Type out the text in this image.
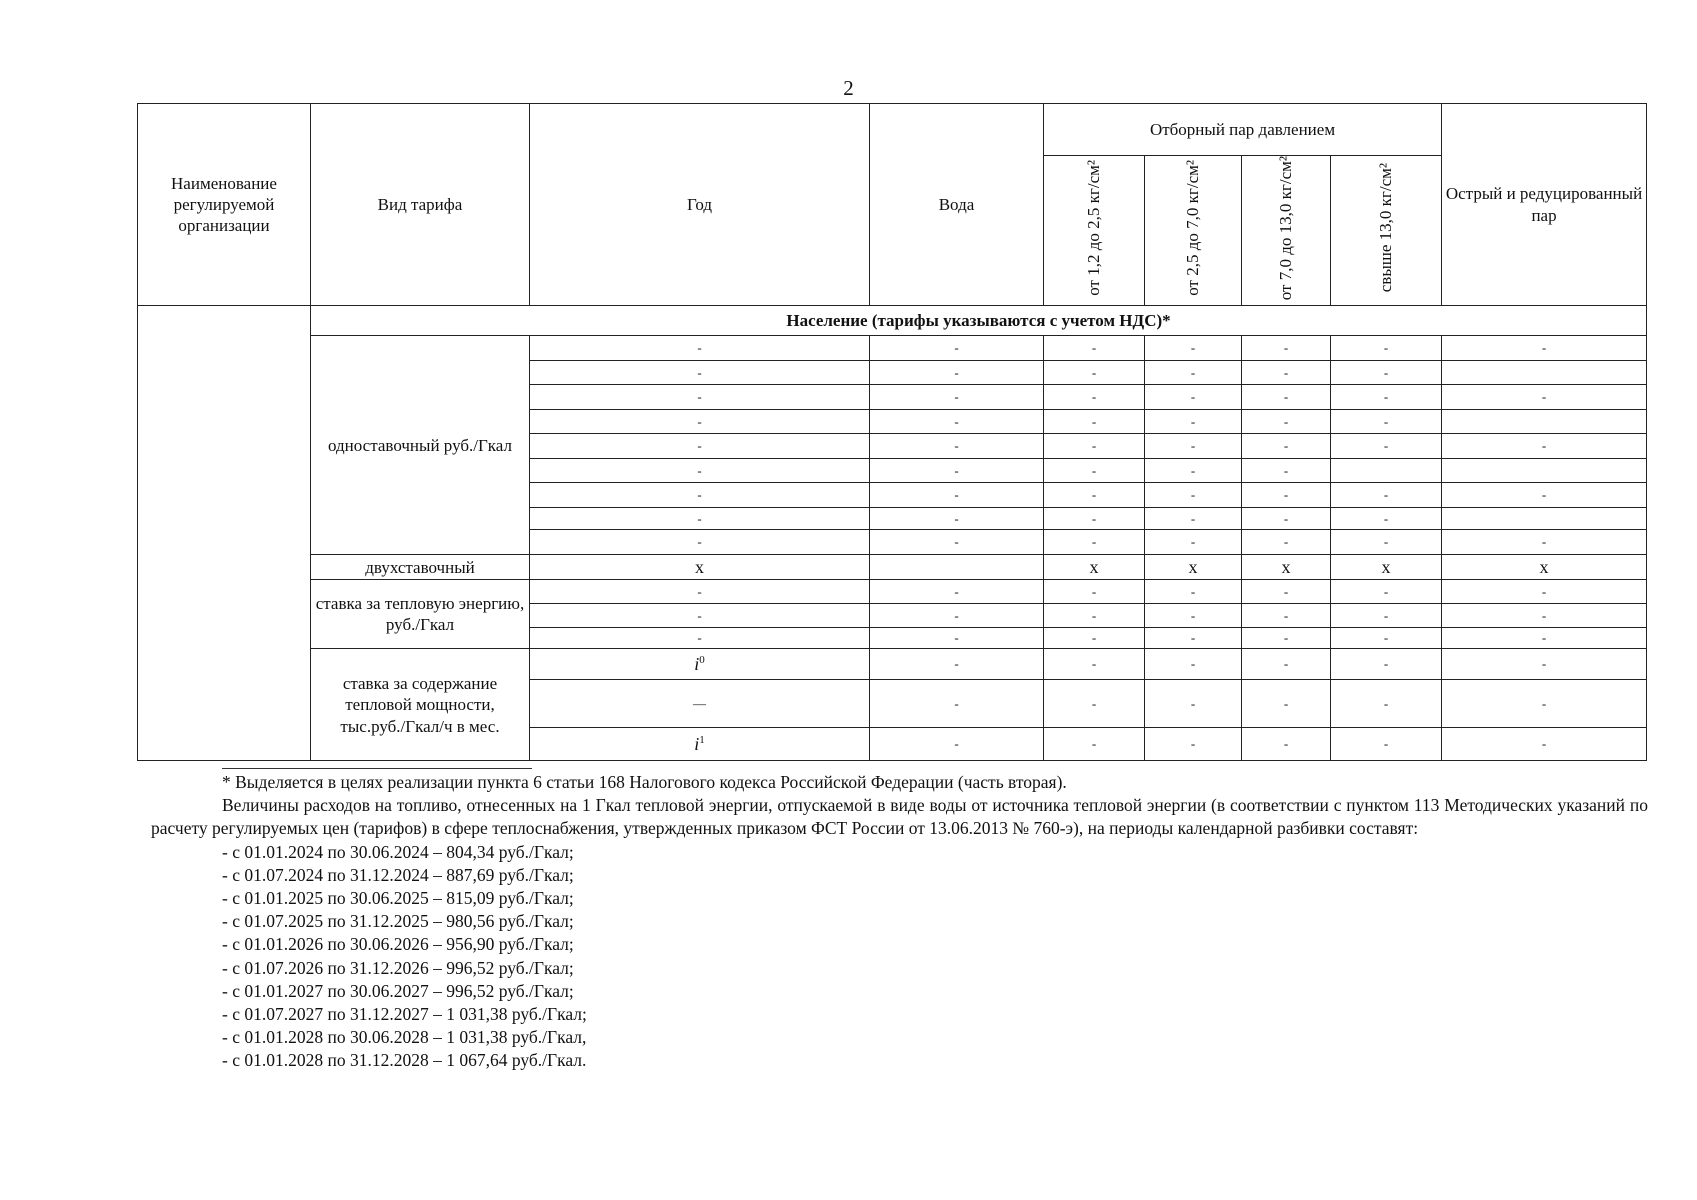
2
Наименование регулируемой организации	Вид тарифа	Год	Вода	Отборный пар давлением				Острый и редуцированный пар
				от 1,2 до 2,5 кг/см²	от 2,5 до 7,0 кг/см²	от 7,0 до 13,0 кг/см²	свыше 13,0 кг/см²	
	Население (тарифы указываются с учетом НДС)*							
	одноставочный руб./Гкал	-	-	-	-	-	-	-
		-	-	-	-	-	-	
		-	-	-	-	-	-	-
		-	-	-	-	-	-	
		-	-	-	-	-	-	-
		-	-	-	-	-		
		-	-	-	-	-	-	-
		-	-	-	-	-	-	
		-	-	-	-	-	-	-
	двухставочный	x		x	x	x	x	x
	ставка за тепловую энергию, руб./Гкал	-	-	-	-	-	-	-
		-	-	-	-	-	-	-
		-	-	-	-	-	-	-
	ставка за содержание тепловой мощности, тыс.руб./Гкал/ч в мес.	$i^0$	-	-	-	-	-	-
		—	-	-	-	-	-	-
		$i^1$	-	-	-	-	-	-

* Выделяется в целях реализации пункта 6 статьи 168 Налогового кодекса Российской Федерации (часть вторая).

Величины расходов на топливо, отнесенных на 1 Гкал тепловой энергии, отпускаемой в виде воды от источника тепловой энергии (в соответствии с пунктом 113 Методических указаний по расчету регулируемых цен (тарифов) в сфере теплоснабжения, утвержденных приказом ФСТ России от 13.06.2013 № 760-э), на периоды календарной разбивки составят:

- с 01.01.2024 по 30.06.2024 – 804,34 руб./Гкал;
- с 01.07.2024 по 31.12.2024 – 887,69 руб./Гкал;
- с 01.01.2025 по 30.06.2025 – 815,09 руб./Гкал;
- с 01.07.2025 по 31.12.2025 – 980,56 руб./Гкал;
- с 01.01.2026 по 30.06.2026 – 956,90 руб./Гкал;
- с 01.07.2026 по 31.12.2026 – 996,52 руб./Гкал;
- с 01.01.2027 по 30.06.2027 – 996,52 руб./Гкал;
- с 01.07.2027 по 31.12.2027 – 1 031,38 руб./Гкал;
- с 01.01.2028 по 30.06.2028 – 1 031,38 руб./Гкал,
- с 01.01.2028 по 31.12.2028 – 1 067,64 руб./Гкал.
